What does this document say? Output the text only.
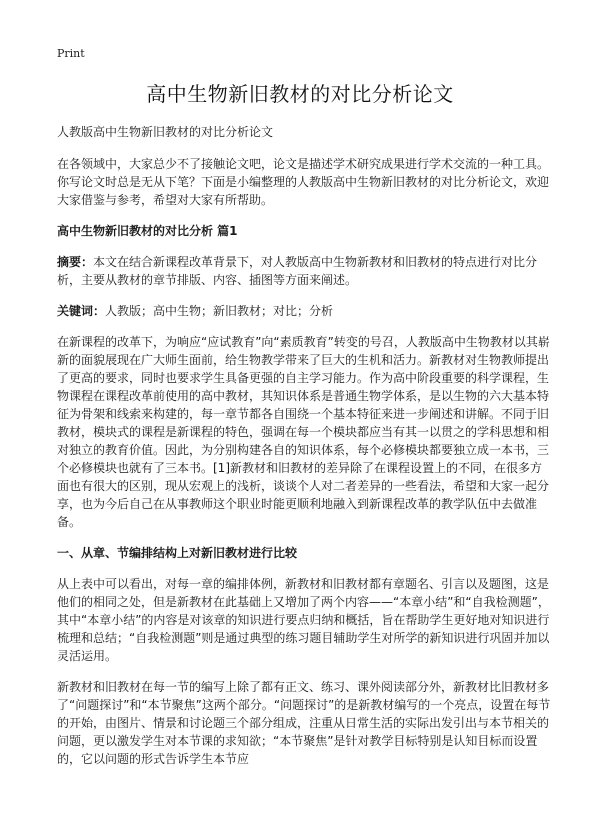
Print
高中生物新旧教材的对比分析论文

人教版高中生物新旧教材的对比分析论文

在各领域中，大家总少不了接触论文吧，论文是描述学术研究成果进行学术交流的一种工具。你写论文时总是无从下笔？下面是小编整理的人教版高中生物新旧教材的对比分析论文，欢迎大家借鉴与参考，希望对大家有所帮助。

高中生物新旧教材的对比分析 篇1

摘要：本文在结合新课程改革背景下，对人教版高中生物新教材和旧教材的特点进行对比分析，主要从教材的章节排版、内容、插图等方面来阐述。

关键词：人教版；高中生物；新旧教材；对比；分析

在新课程的改革下，为响应“应试教育”向“素质教育”转变的号召，人教版高中生物教材以其崭新的面貌展现在广大师生面前，给生物教学带来了巨大的生机和活力。新教材对生物教师提出了更高的要求，同时也要求学生具备更强的自主学习能力。作为高中阶段重要的科学课程，生物课程在课程改革前使用的高中教材，其知识体系是普通生物学体系，是以生物的六大基本特征为骨架和线索来构建的，每一章节都各自围绕一个基本特征来进一步阐述和讲解。不同于旧教材，模块式的课程是新课程的特色，强调在每一个模块都应当有其一以贯之的学科思想和相对独立的教育价值。因此，为分别构建各自的知识体系，每个必修模块都要独立成一本书，三个必修模块也就有了三本书。[1]新教材和旧教材的差异除了在课程设置上的不同，在很多方面也有很大的区别，现从宏观上的浅析，谈谈个人对二者差异的一些看法，希望和大家一起分享，也为今后自己在从事教师这个职业时能更顺利地融入到新课程改革的教学队伍中去做准备。

一、从章、节编排结构上对新旧教材进行比较

从上表中可以看出，对每一章的编排体例，新教材和旧教材都有章题名、引言以及题图，这是他们的相同之处，但是新教材在此基础上又增加了两个内容——“本章小结”和“自我检测题”，其中“本章小结”的内容是对该章的知识进行要点归纳和概括，旨在帮助学生更好地对知识进行梳理和总结；“自我检测题”则是通过典型的练习题目辅助学生对所学的新知识进行巩固并加以灵活运用。

新教材和旧教材在每一节的编写上除了都有正文、练习、课外阅读部分外，新教材比旧教材多了“问题探讨”和“本节聚焦”这两个部分。“问题探讨”的是新教材编写的一个亮点，设置在每节的开始，由图片、情景和讨论题三个部分组成，注重从日常生活的实际出发引出与本节相关的问题，更以激发学生对本节课的求知欲；“本节聚焦”是针对教学目标特别是认知目标而设置的，它以问题的形式告诉学生本节应
